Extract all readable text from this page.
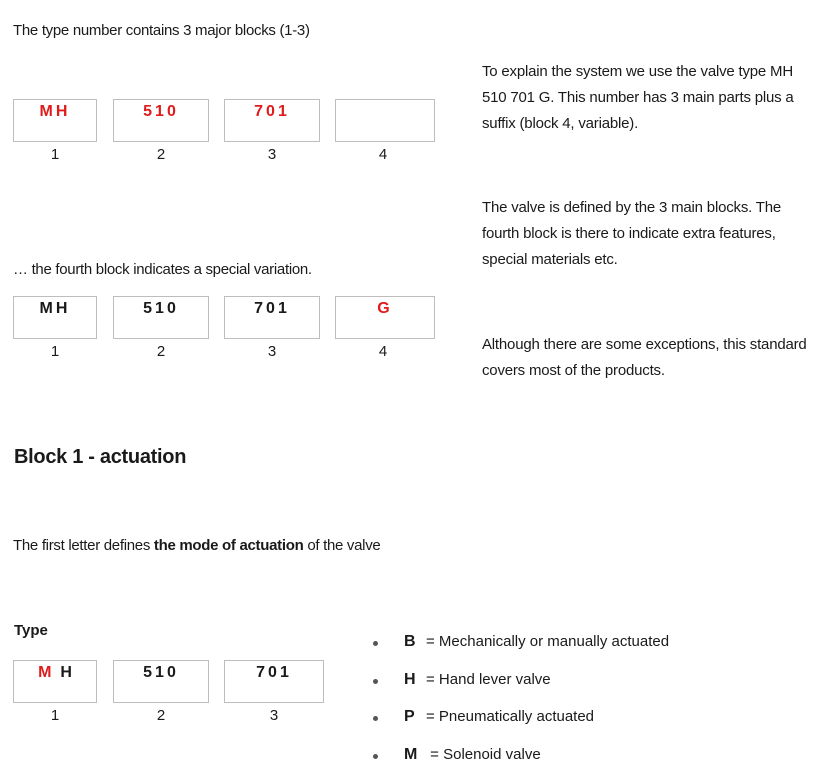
The type number contains 3 major blocks (1-3)
MH	510	701
1	2	3	4
… the fourth block indicates a special variation.
MH	510	701	G
1	2	3	4
To explain the system we use the valve type MH 510 701 G. This number has 3 main parts plus a suffix (block 4, variable).
The valve is defined by the 3 main blocks. The fourth block is there to indicate extra features, special materials etc.
Although there are some exceptions, this standard covers most of the products.
Block 1 - actuation
The first letter defines the mode of actuation of the valve
Type
M H	510	701
1	2	3
B = Mechanically or manually actuated
H = Hand lever valve
P = Pneumatically actuated
M = Solenoid valve
